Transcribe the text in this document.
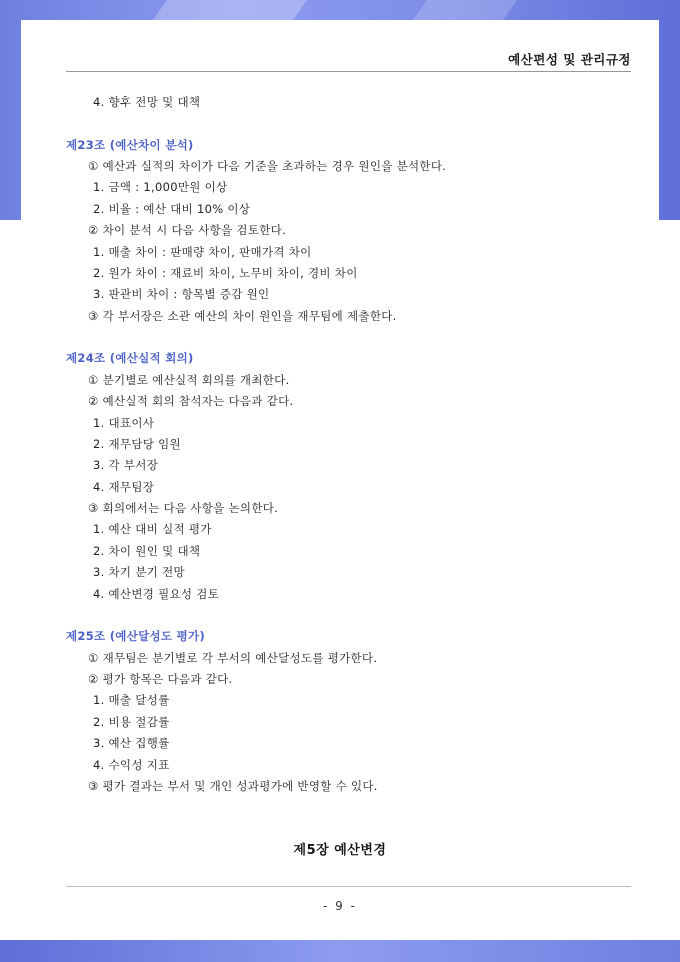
예산편성 및 관리규정
4. 향후 전망 및 대책
제23조 (예산차이 분석)
① 예산과 실적의 차이가 다음 기준을 초과하는 경우 원인을 분석한다.
1. 금액 : 1,000만원 이상
2. 비율 : 예산 대비 10% 이상
② 차이 분석 시 다음 사항을 검토한다.
1. 매출 차이 : 판매량 차이, 판매가격 차이
2. 원가 차이 : 재료비 차이, 노무비 차이, 경비 차이
3. 판관비 차이 : 항목별 증감 원인
③ 각 부서장은 소관 예산의 차이 원인을 재무팀에 제출한다.
제24조 (예산실적 회의)
① 분기별로 예산실적 회의를 개최한다.
② 예산실적 회의 참석자는 다음과 같다.
1. 대표이사
2. 재무담당 임원
3. 각 부서장
4. 재무팀장
③ 회의에서는 다음 사항을 논의한다.
1. 예산 대비 실적 평가
2. 차이 원인 및 대책
3. 차기 분기 전망
4. 예산변경 필요성 검토
제25조 (예산달성도 평가)
① 재무팀은 분기별로 각 부서의 예산달성도를 평가한다.
② 평가 항목은 다음과 같다.
1. 매출 달성률
2. 비용 절감률
3. 예산 집행률
4. 수익성 지표
③ 평가 결과는 부서 및 개인 성과평가에 반영할 수 있다.
제5장 예산변경
- 9 -
